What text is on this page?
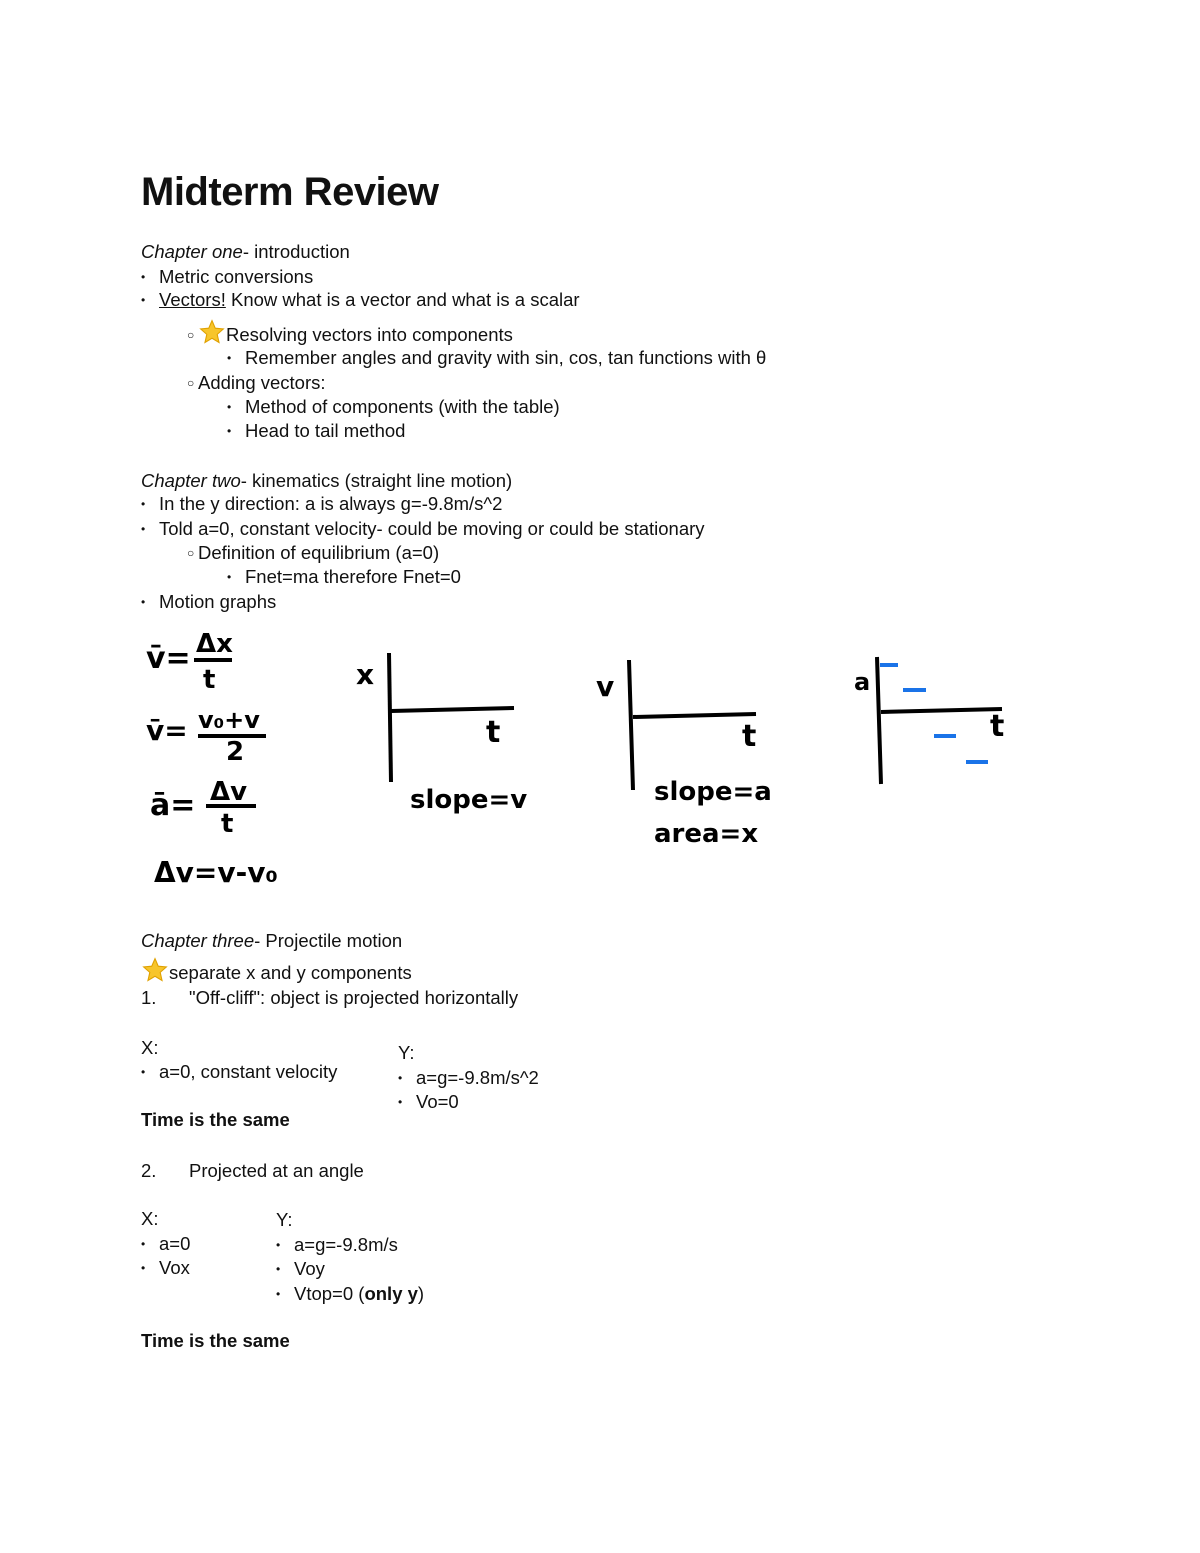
Midterm Review
Chapter one- introduction
• Metric conversions
• Vectors! Know what is a vector and what is a scalar
○ Resolving vectors into components
• Remember angles and gravity with sin, cos, tan functions with θ
○ Adding vectors:
• Method of components (with the table)
• Head to tail method
Chapter two- kinematics (straight line motion)
• In the y direction: a is always g=-9.8m/s^2
• Told a=0, constant velocity- could be moving or could be stationary
○ Definition of equilibrium (a=0)
• Fnet=ma therefore Fnet=0
• Motion graphs
v̄= Δx
t
v̄= v₀+v
2
ā= Δv
t
Δv=v-v₀
x
t
slope=v
v
t
slope=a
area=x
a
t
Chapter three- Projectile motion
separate x and y components
1. "Off-cliff": object is projected horizontally
X:
• a=0, constant velocity
Y:
• a=g=-9.8m/s^2
• Vo=0
Time is the same
2. Projected at an angle
X:
• a=0
• Vox
Y:
• a=g=-9.8m/s
• Voy
• Vtop=0 (only y)
Time is the same
